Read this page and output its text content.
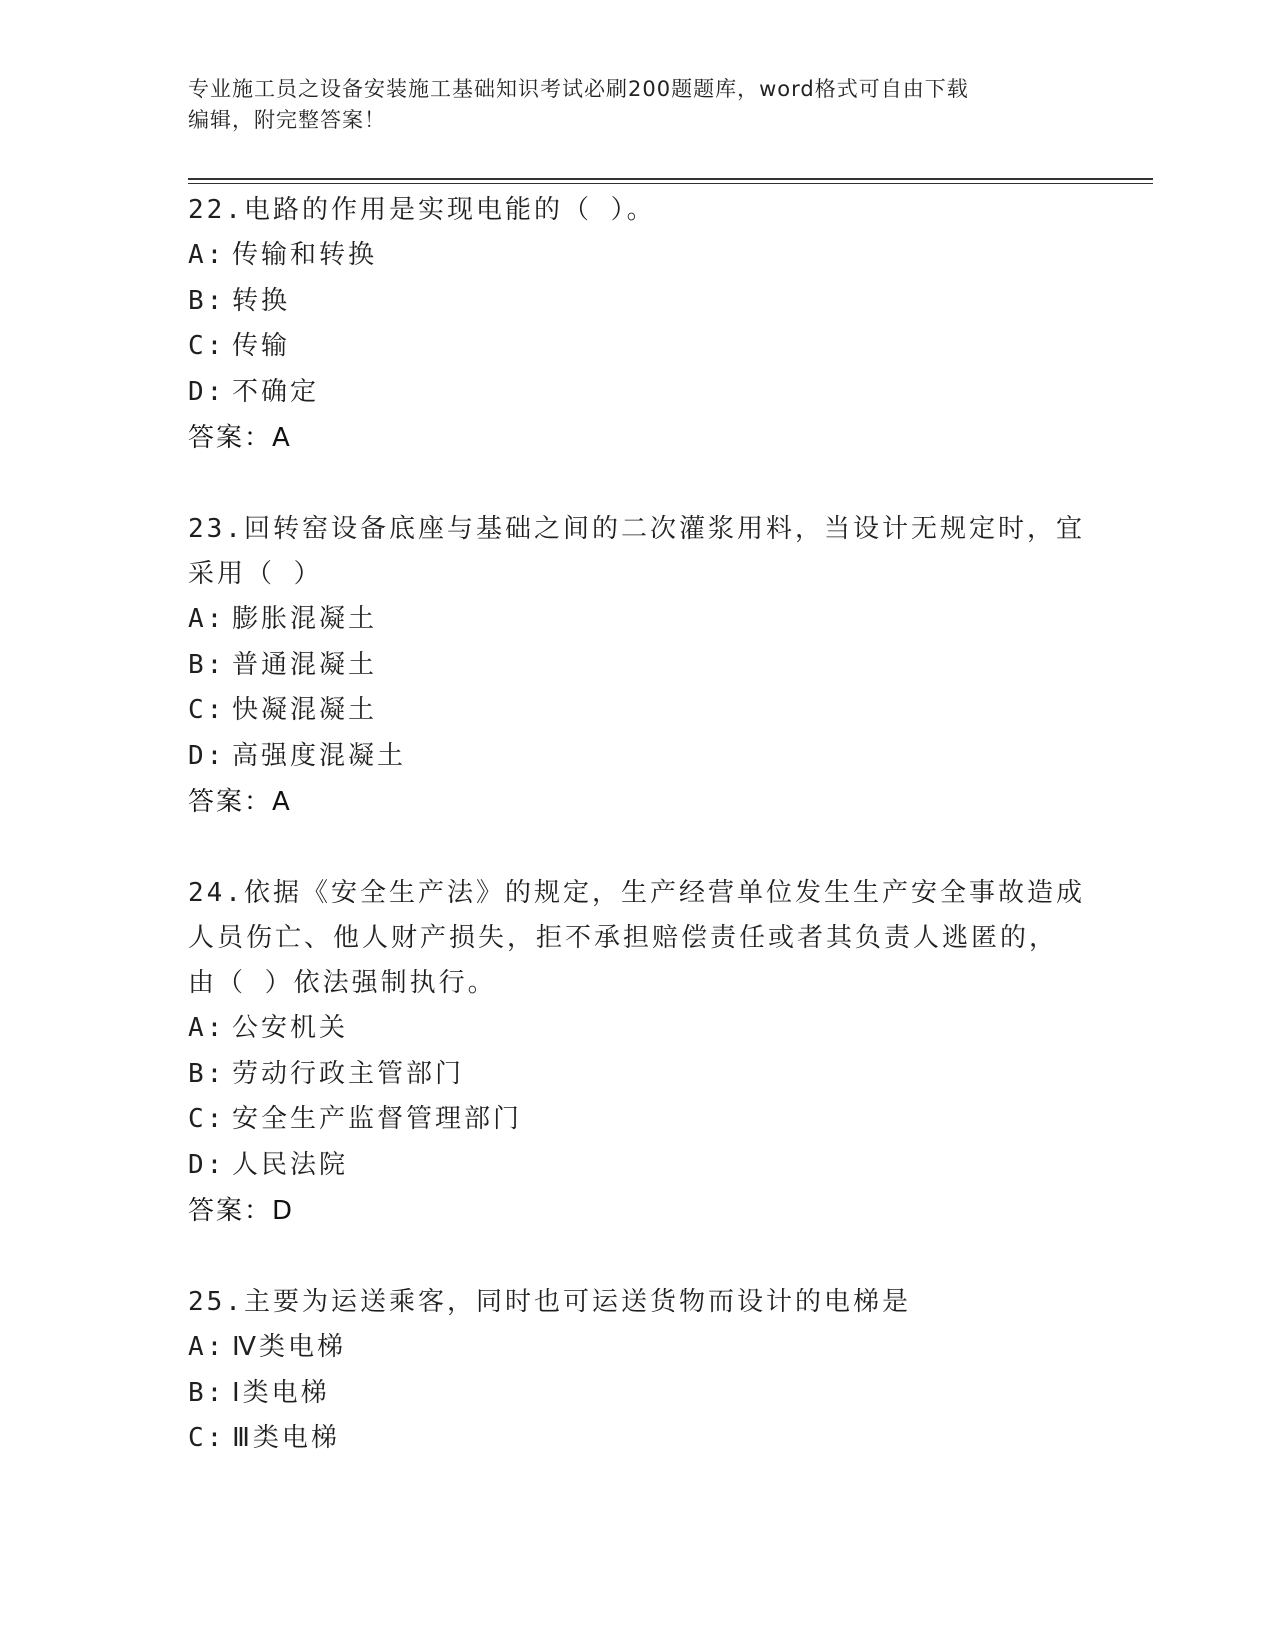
专业施工员之设备安装施工基础知识考试必刷200题题库，word格式可自由下载
编辑，附完整答案！
22.电路的作用是实现电能的（ ）。
A: 传输和转换
B: 转换
C: 传输
D: 不确定
答案：A
23.回转窑设备底座与基础之间的二次灌浆用料，当设计无规定时，宜
采用（ ）
A: 膨胀混凝土
B: 普通混凝土
C: 快凝混凝土
D: 高强度混凝土
答案：A
24.依据《安全生产法》的规定，生产经营单位发生生产安全事故造成
人员伤亡、他人财产损失，拒不承担赔偿责任或者其负责人逃匿的，
由（ ）依法强制执行。
A: 公安机关
B: 劳动行政主管部门
C: 安全生产监督管理部门
D: 人民法院
答案：D
25.主要为运送乘客，同时也可运送货物而设计的电梯是
A: Ⅳ类电梯
B: Ⅰ类电梯
C: Ⅲ类电梯
